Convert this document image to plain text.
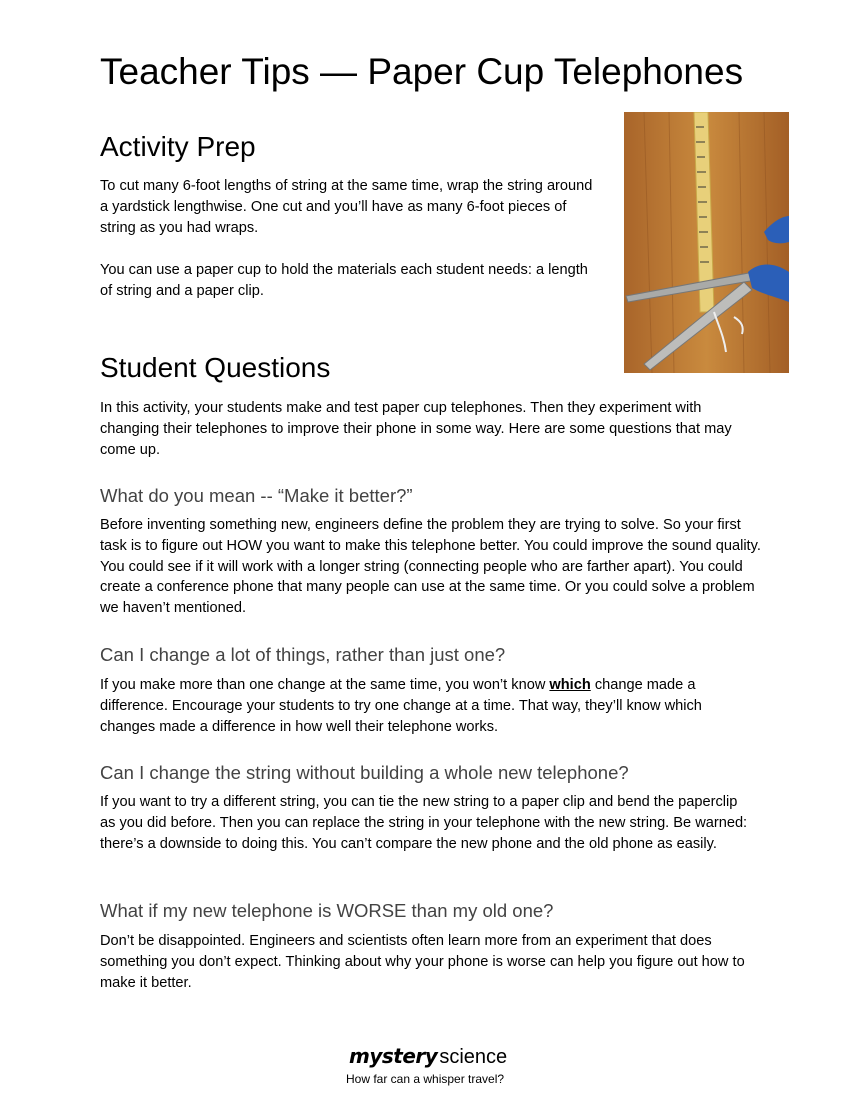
Teacher Tips — Paper Cup Telephones
Activity Prep

To cut many 6-foot lengths of string at the same time, wrap the string around a yardstick lengthwise. One cut and you’ll have as many 6-foot pieces of string as you had wraps.

You can use a paper cup to hold the materials each student needs: a length of string and a paper clip.

Student Questions

In this activity, your students make and test paper cup telephones. Then they experiment with changing their telephones to improve their phone in some way. Here are some questions that may come up.

What do you mean -- “Make it better?”

Before inventing something new, engineers define the problem they are trying to solve. So your first task is to figure out HOW you want to make this telephone better. You could improve the sound quality. You could see if it will work with a longer string (connecting people who are farther apart). You could create a conference phone that many people can use at the same time. Or you could solve a problem we haven’t mentioned.

Can I change a lot of things, rather than just one?

If you make more than one change at the same time, you won’t know which change made a difference. Encourage your students to try one change at a time. That way, they’ll know which changes made a difference in how well their telephone works.

Can I change the string without building a whole new telephone?

If you want to try a different string, you can tie the new string to a paper clip and bend the paperclip as you did before. Then you can replace the string in your telephone with the new string. Be warned: there’s a downside to doing this. You can’t compare the new phone and the old phone as easily.

What if my new telephone is WORSE than my old one?

Don’t be disappointed. Engineers and scientists often learn more from an experiment that does something you don’t expect. Thinking about why your phone is worse can help you figure out how to make it better.

mystery science
How far can a whisper travel?
